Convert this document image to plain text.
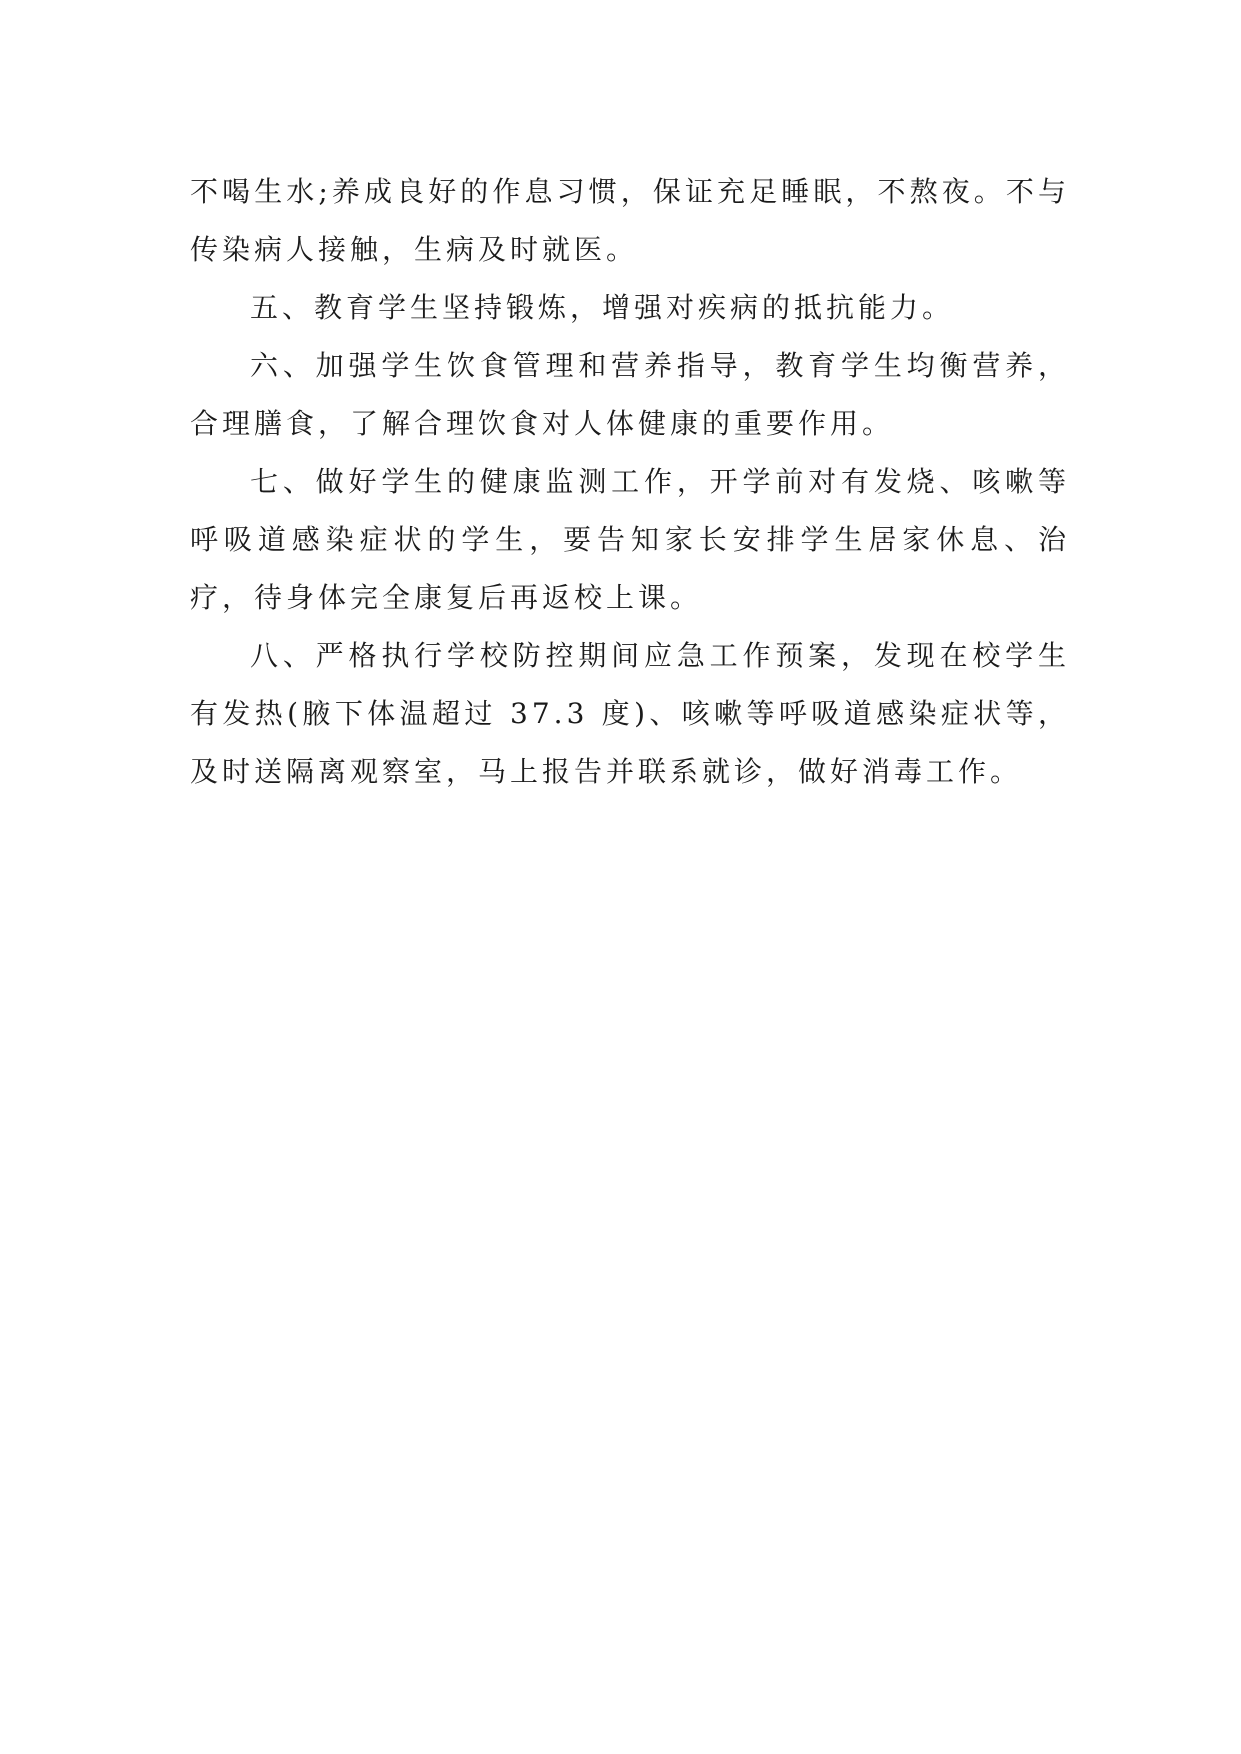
不喝生水;养成良好的作息习惯，保证充足睡眠，不熬夜。不与传染病人接触，生病及时就医。

五、教育学生坚持锻炼，增强对疾病的抵抗能力。

六、加强学生饮食管理和营养指导，教育学生均衡营养，合理膳食，了解合理饮食对人体健康的重要作用。

七、做好学生的健康监测工作，开学前对有发烧、咳嗽等呼吸道感染症状的学生，要告知家长安排学生居家休息、治疗，待身体完全康复后再返校上课。

八、严格执行学校防控期间应急工作预案，发现在校学生有发热(腋下体温超过 37.3 度)、咳嗽等呼吸道感染症状等，及时送隔离观察室，马上报告并联系就诊，做好消毒工作。
